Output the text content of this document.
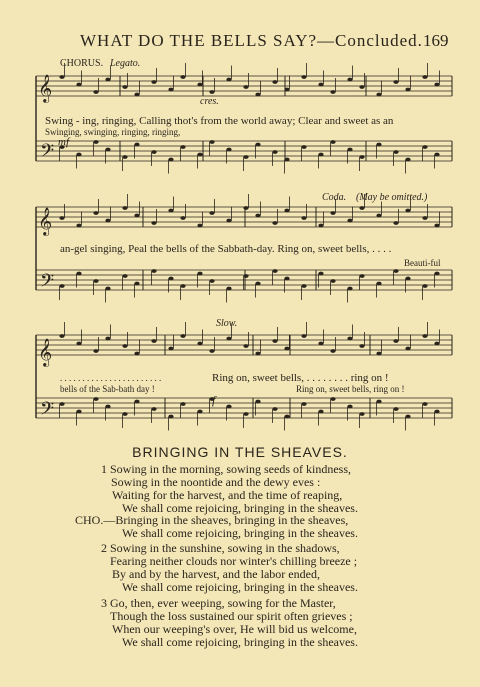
WHAT DO THE BELLS SAY?—Concluded. 169
𝄞
𝄢
𝄞
𝄢
𝄞
𝄢
CHORUS. Legato.
cres.
mf
Swing - ing, ringing, Calling thot's from the world away; Clear and sweet as an
Swinging, swinging, ringing, ringing,
Coda. (May be omitted.)
an-gel singing, Peal the bells of the Sabbath-day. Ring on, sweet bells, . . . .
Beauti-ful
Slow.
f
. . . . . . . . . . . . . . . . . . . . . . .	Ring on, sweet bells, . . . . . . . . ring on !
bells of the Sab-bath day !	Ring on, sweet bells, ring on !
BRINGING IN THE SHEAVES.
1 Sowing in the morning, sowing seeds of kindness,
Sowing in the noontide and the dewy eves :
Waiting for the harvest, and the time of reaping,
We shall come rejoicing, bringing in the sheaves.
CHO.—Bringing in the sheaves, bringing in the sheaves,
We shall come rejoicing, bringing in the sheaves.
2 Sowing in the sunshine, sowing in the shadows,
Fearing neither clouds nor winter's chilling breeze ;
By and by the harvest, and the labor ended,
We shall come rejoicing, bringing in the sheaves.
3 Go, then, ever weeping, sowing for the Master,
Though the loss sustained our spirit often grieves ;
When our weeping's over, He will bid us welcome,
We shall come rejoicing, bringing in the sheaves.
